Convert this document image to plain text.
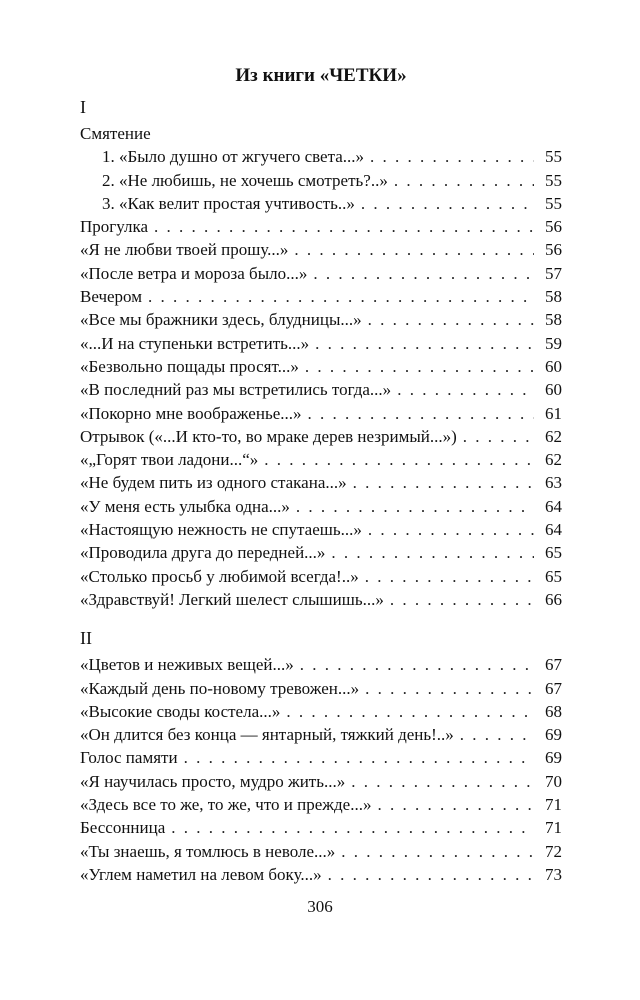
Из книги «ЧЕТКИ»
I
Смятение
1. «Было душно от жгучего света...» . . .	55
2. «Не любишь, не хочешь смотреть?..» . . .	55
3. «Как велит простая учтивость..» . . .	55
Прогулка . . .	56
«Я не любви твоей прошу...» . . .	56
«После ветра и мороза было...» . . .	57
Вечером . . .	58
«Все мы бражники здесь, блудницы...» . . .	58
«...И на ступеньки встретить...» . . .	59
«Безвольно пощады просят...» . . .	60
«В последний раз мы встретились тогда...» . . .	60
«Покорно мне воображенье...» . . .	61
Отрывок («...И кто-то, во мраке дерев незримый...») . . .	62
«„Горят твои ладони...“» . . .	62
«Не будем пить из одного стакана...» . . .	63
«У меня есть улыбка одна...» . . .	64
«Настоящую нежность не спутаешь...» . . .	64
«Проводила друга до передней...» . . .	65
«Столько просьб у любимой всегда!..» . . .	65
«Здравствуй! Легкий шелест слышишь...» . . .	66
II
«Цветов и неживых вещей...» . . .	67
«Каждый день по-новому тревожен...» . . .	67
«Высокие своды костела...» . . .	68
«Он длится без конца — янтарный, тяжкий день!..» . . .	69
Голос памяти . . .	69
«Я научилась просто, мудро жить...» . . .	70
«Здесь все то же, то же, что и прежде...» . . .	71
Бессонница . . .	71
«Ты знаешь, я томлюсь в неволе...» . . .	72
«Углем наметил на левом боку...» . . .	73
306
